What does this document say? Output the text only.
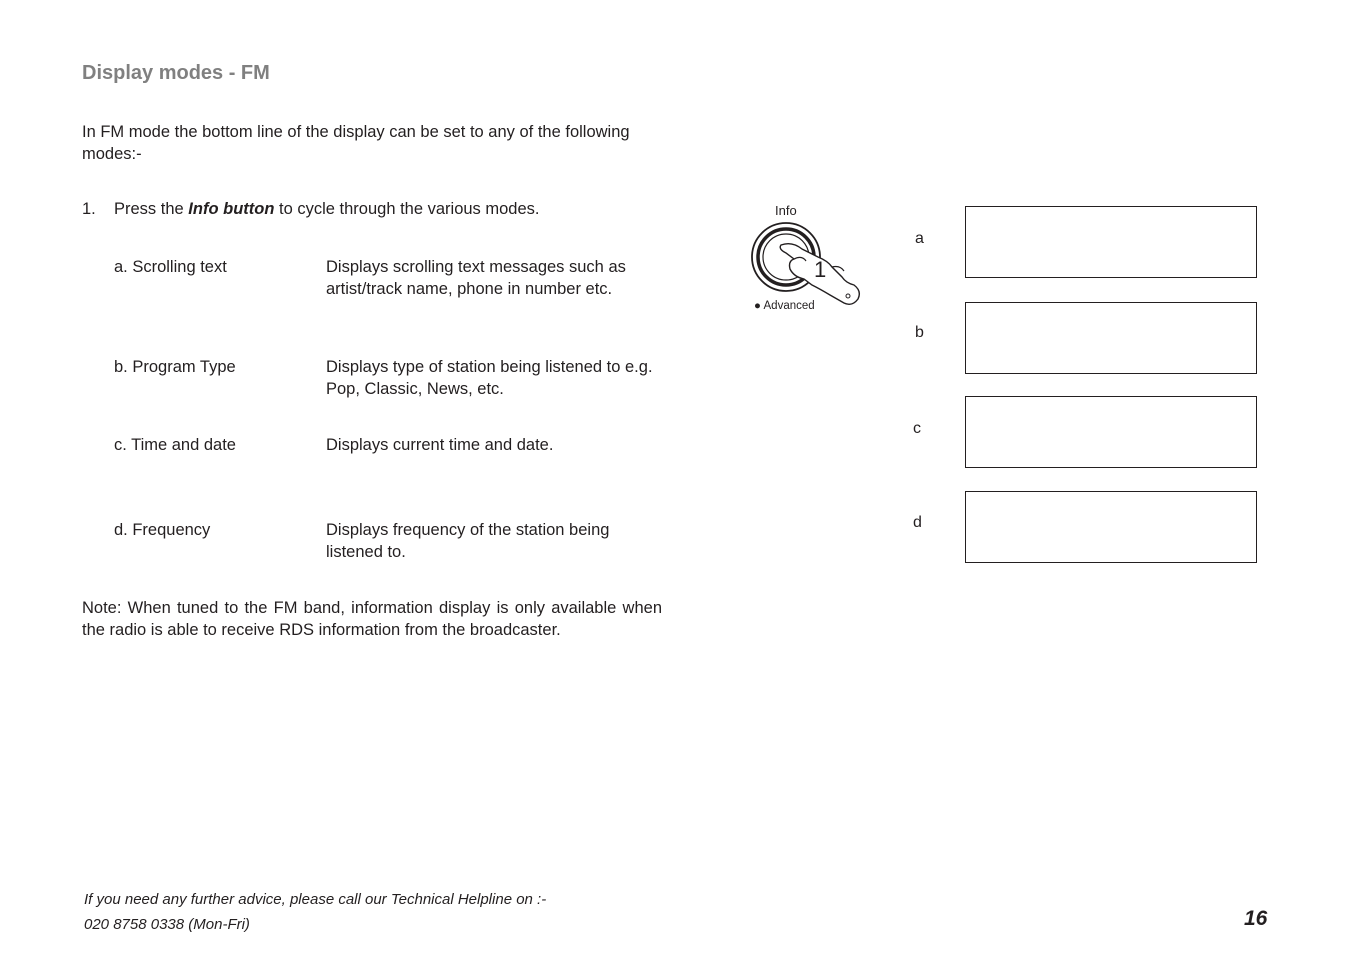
Display modes - FM
In FM mode the bottom line of the display can be set to any of the following modes:-
1. Press the Info button to cycle through the various modes.
a. Scrolling text	Displays scrolling text messages such as artist/track name, phone in number etc.
b. Program Type	Displays type of station being listened to e.g. Pop, Classic, News, etc.
c. Time and date	Displays current time and date.
d. Frequency	Displays frequency of the station being listened to.
Note: When tuned to the FM band, information display is only available when the radio is able to receive RDS information from the broadcaster.
Info
1
● Advanced
a

b

c

d

If you need any further advice, please call our Technical Helpline on :-
020 8758 0338 (Mon-Fri)	16
